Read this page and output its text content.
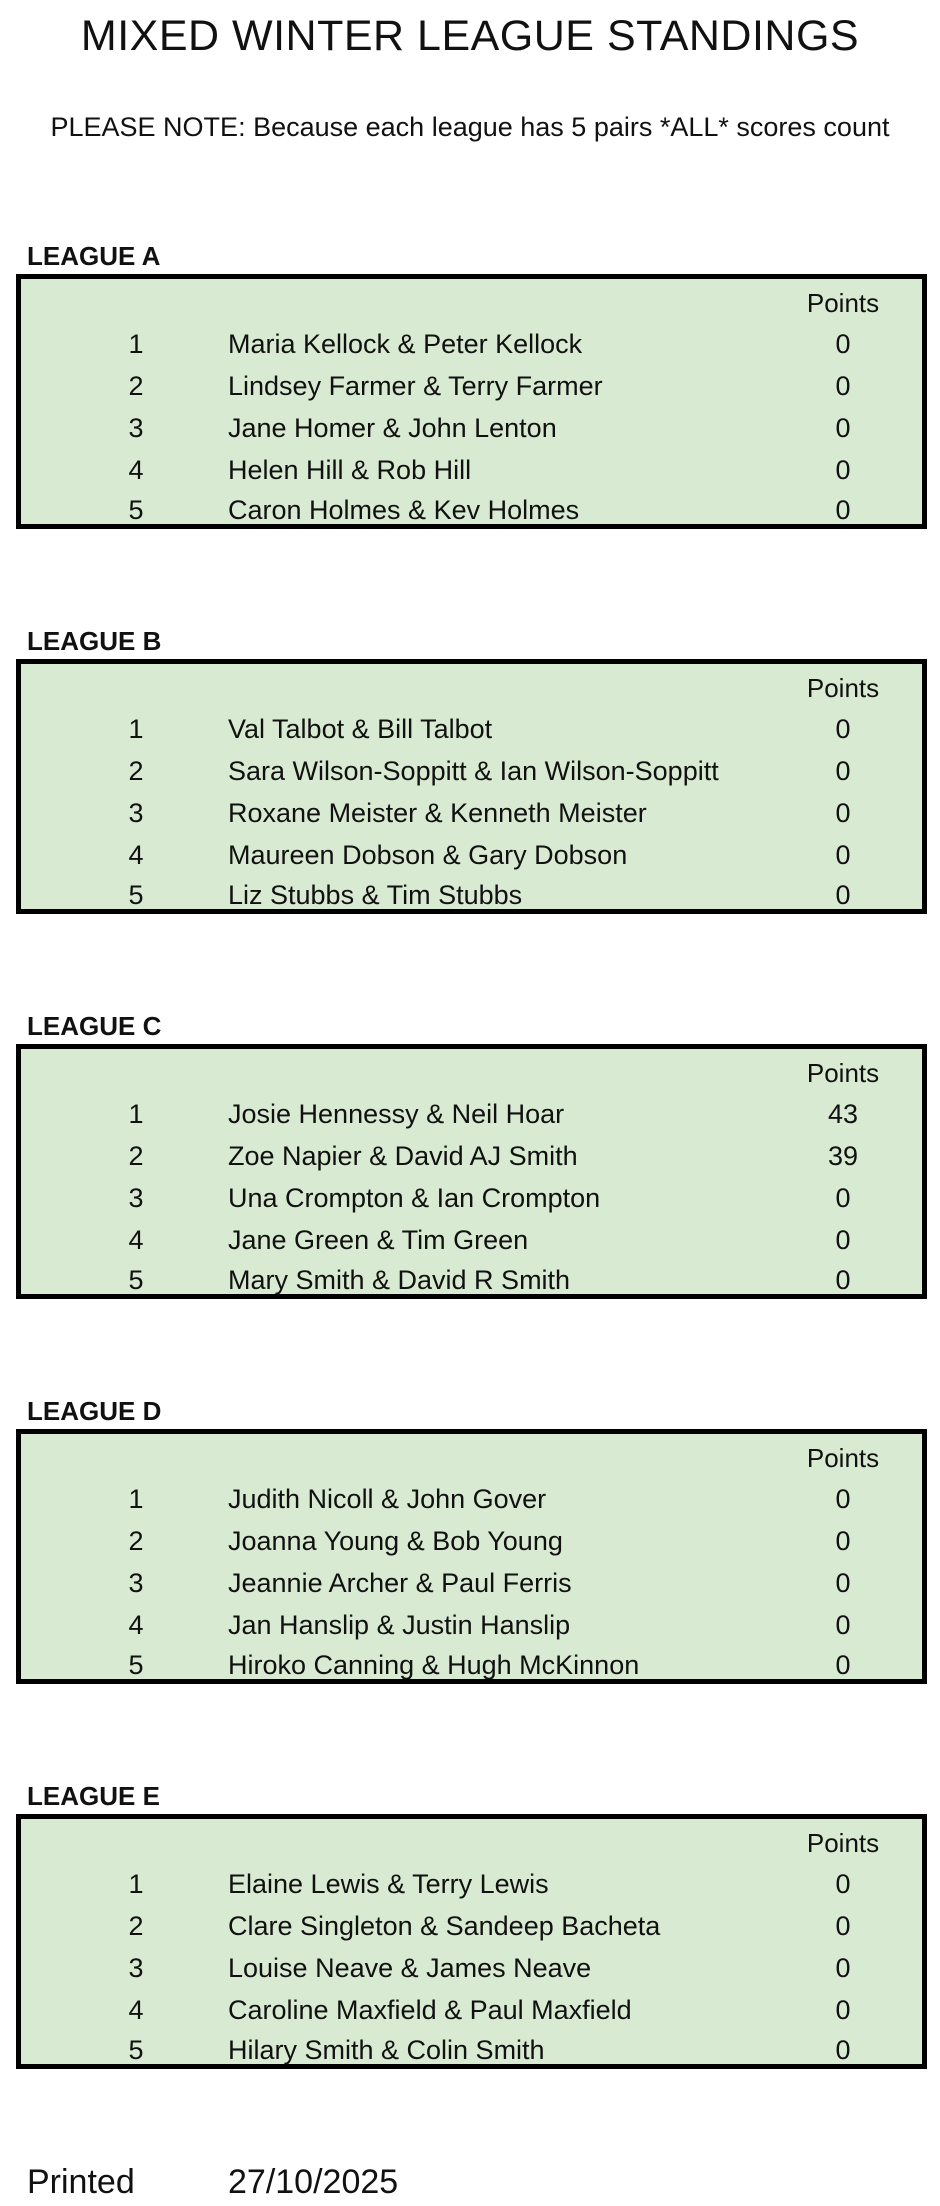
MIXED WINTER LEAGUE STANDINGS
PLEASE NOTE: Because each league has 5 pairs *ALL* scores count
LEAGUE A
Points
1	Maria Kellock & Peter Kellock	0
2	Lindsey Farmer & Terry Farmer	0
3	Jane Homer & John Lenton	0
4	Helen Hill & Rob Hill	0
5	Caron Holmes & Kev Holmes	0
LEAGUE B
Points
1	Val Talbot & Bill Talbot	0
2	Sara Wilson-Soppitt & Ian Wilson-Soppitt	0
3	Roxane Meister & Kenneth Meister	0
4	Maureen Dobson & Gary Dobson	0
5	Liz Stubbs & Tim Stubbs	0
LEAGUE C
Points
1	Josie Hennessy & Neil Hoar	43
2	Zoe Napier & David AJ Smith	39
3	Una Crompton & Ian Crompton	0
4	Jane Green & Tim Green	0
5	Mary Smith & David R Smith	0
LEAGUE D
Points
1	Judith Nicoll & John Gover	0
2	Joanna Young & Bob Young	0
3	Jeannie Archer & Paul Ferris	0
4	Jan Hanslip & Justin Hanslip	0
5	Hiroko Canning & Hugh McKinnon	0
LEAGUE E
Points
1	Elaine Lewis & Terry Lewis	0
2	Clare Singleton & Sandeep Bacheta	0
3	Louise Neave & James Neave	0
4	Caroline Maxfield & Paul Maxfield	0
5	Hilary Smith & Colin Smith	0
Printed	27/10/2025
